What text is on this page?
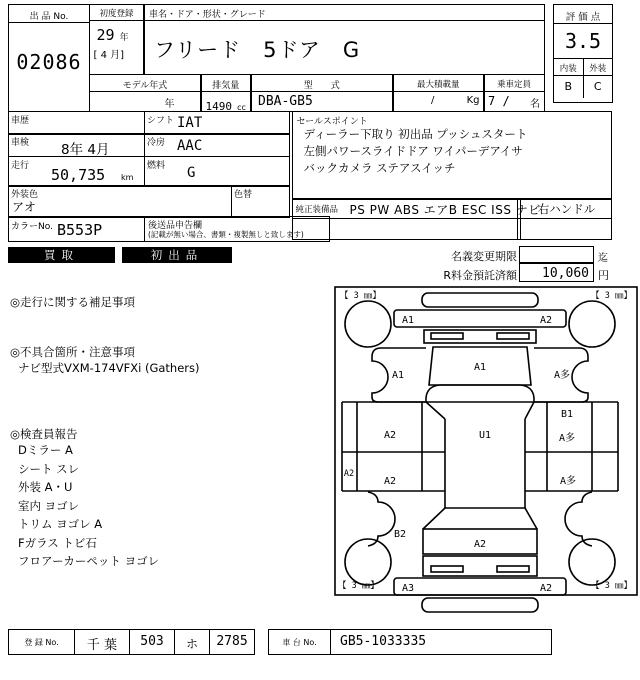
出 品 No.
02086
初度登録
29 年
[ 4 月]
車名・ドア・形状・グレード
フリード　5ドア　G
モデル年式
年
排気量
1490 cc
型　　式
DBA-GB5
最大積載量
/	Kg
乗車定員
7 / 名
評 価 点
3.5
内装	外装
B	C
車歴	シフト IAT
車検 8年 4月	冷房 AAC
走行 50,735 km
燃料 G
外装色
アオ
色替
カラーNo. B553P	後送品申告欄
(記載が無い場合、書類・複製無しと致します)
セールスポイント
ディーラー下取り 初出品 プッシュスタート
左側パワースライドドア ワイパーデアイサ
バックカメラ ステアスイッチ
純正装備品 PS PW ABS エアB ESC ISS ナビ
右ハンドル
買取	初出品	名義変更期限	迄
R料金預託済額	10,060 円
◎走行に関する補足事項
◎不具合箇所・注意事項
ナビ型式VXM-174VFXi (Gathers)
◎検査員報告
Dミラー A
シート スレ
外装 A・U
室内 ヨゴレ
トリム ヨゴレ A
Fガラス トビ石
フロアーカーペット ヨゴレ
【 3 ㎜】	【 3 ㎜】
【 3 ㎜】	【 3 ㎜】
A1	A2
A1
A1
A多
A2	U1
B1
A多
A2
A2	A多
B2
A2
A3	A2
登 録 No.	千 葉	503	ホ	2785	車 台 No.	GB5-1033335
